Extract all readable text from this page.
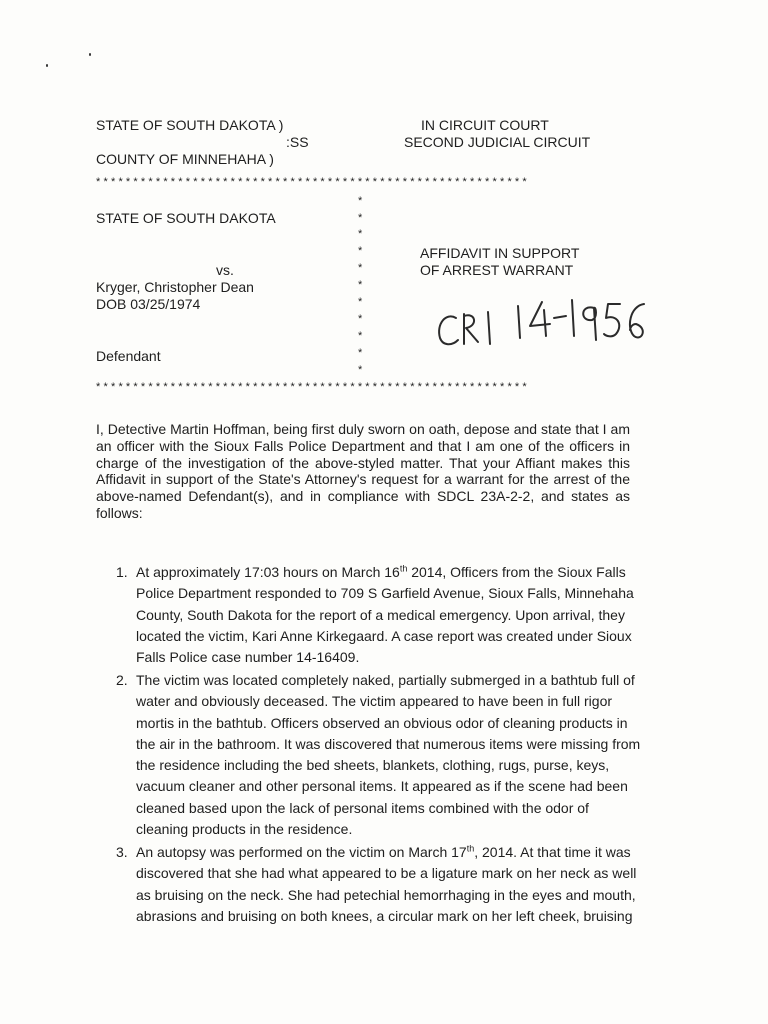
STATE OF SOUTH DAKOTA )
:SS
COUNTY OF MINNEHAHA )
IN CIRCUIT COURT
SECOND JUDICIAL CIRCUIT
**********************************************************
STATE OF SOUTH DAKOTA
vs.
Kryger, Christopher Dean
DOB 03/25/1974
Defendant
*
*
*
*
*
*
*
*
*
*
*
AFFIDAVIT IN SUPPORT
OF ARREST WARRANT
CR1 14-1956
**********************************************************
I, Detective Martin Hoffman, being first duly sworn on oath, depose and state that I am an officer with the Sioux Falls Police Department and that I am one of the officers in charge of the investigation of the above-styled matter. That your Affiant makes this Affidavit in support of the State's Attorney's request for a warrant for the arrest of the above-named Defendant(s), and in compliance with SDCL 23A-2-2, and states as follows:
1. At approximately 17:03 hours on March 16th 2014, Officers from the Sioux Falls Police Department responded to 709 S Garfield Avenue, Sioux Falls, Minnehaha County, South Dakota for the report of a medical emergency. Upon arrival, they located the victim, Kari Anne Kirkegaard. A case report was created under Sioux Falls Police case number 14-16409.
2. The victim was located completely naked, partially submerged in a bathtub full of water and obviously deceased. The victim appeared to have been in full rigor mortis in the bathtub. Officers observed an obvious odor of cleaning products in the air in the bathroom. It was discovered that numerous items were missing from the residence including the bed sheets, blankets, clothing, rugs, purse, keys, vacuum cleaner and other personal items. It appeared as if the scene had been cleaned based upon the lack of personal items combined with the odor of cleaning products in the residence.
3. An autopsy was performed on the victim on March 17th, 2014. At that time it was discovered that she had what appeared to be a ligature mark on her neck as well as bruising on the neck. She had petechial hemorrhaging in the eyes and mouth, abrasions and bruising on both knees, a circular mark on her left cheek, bruising
